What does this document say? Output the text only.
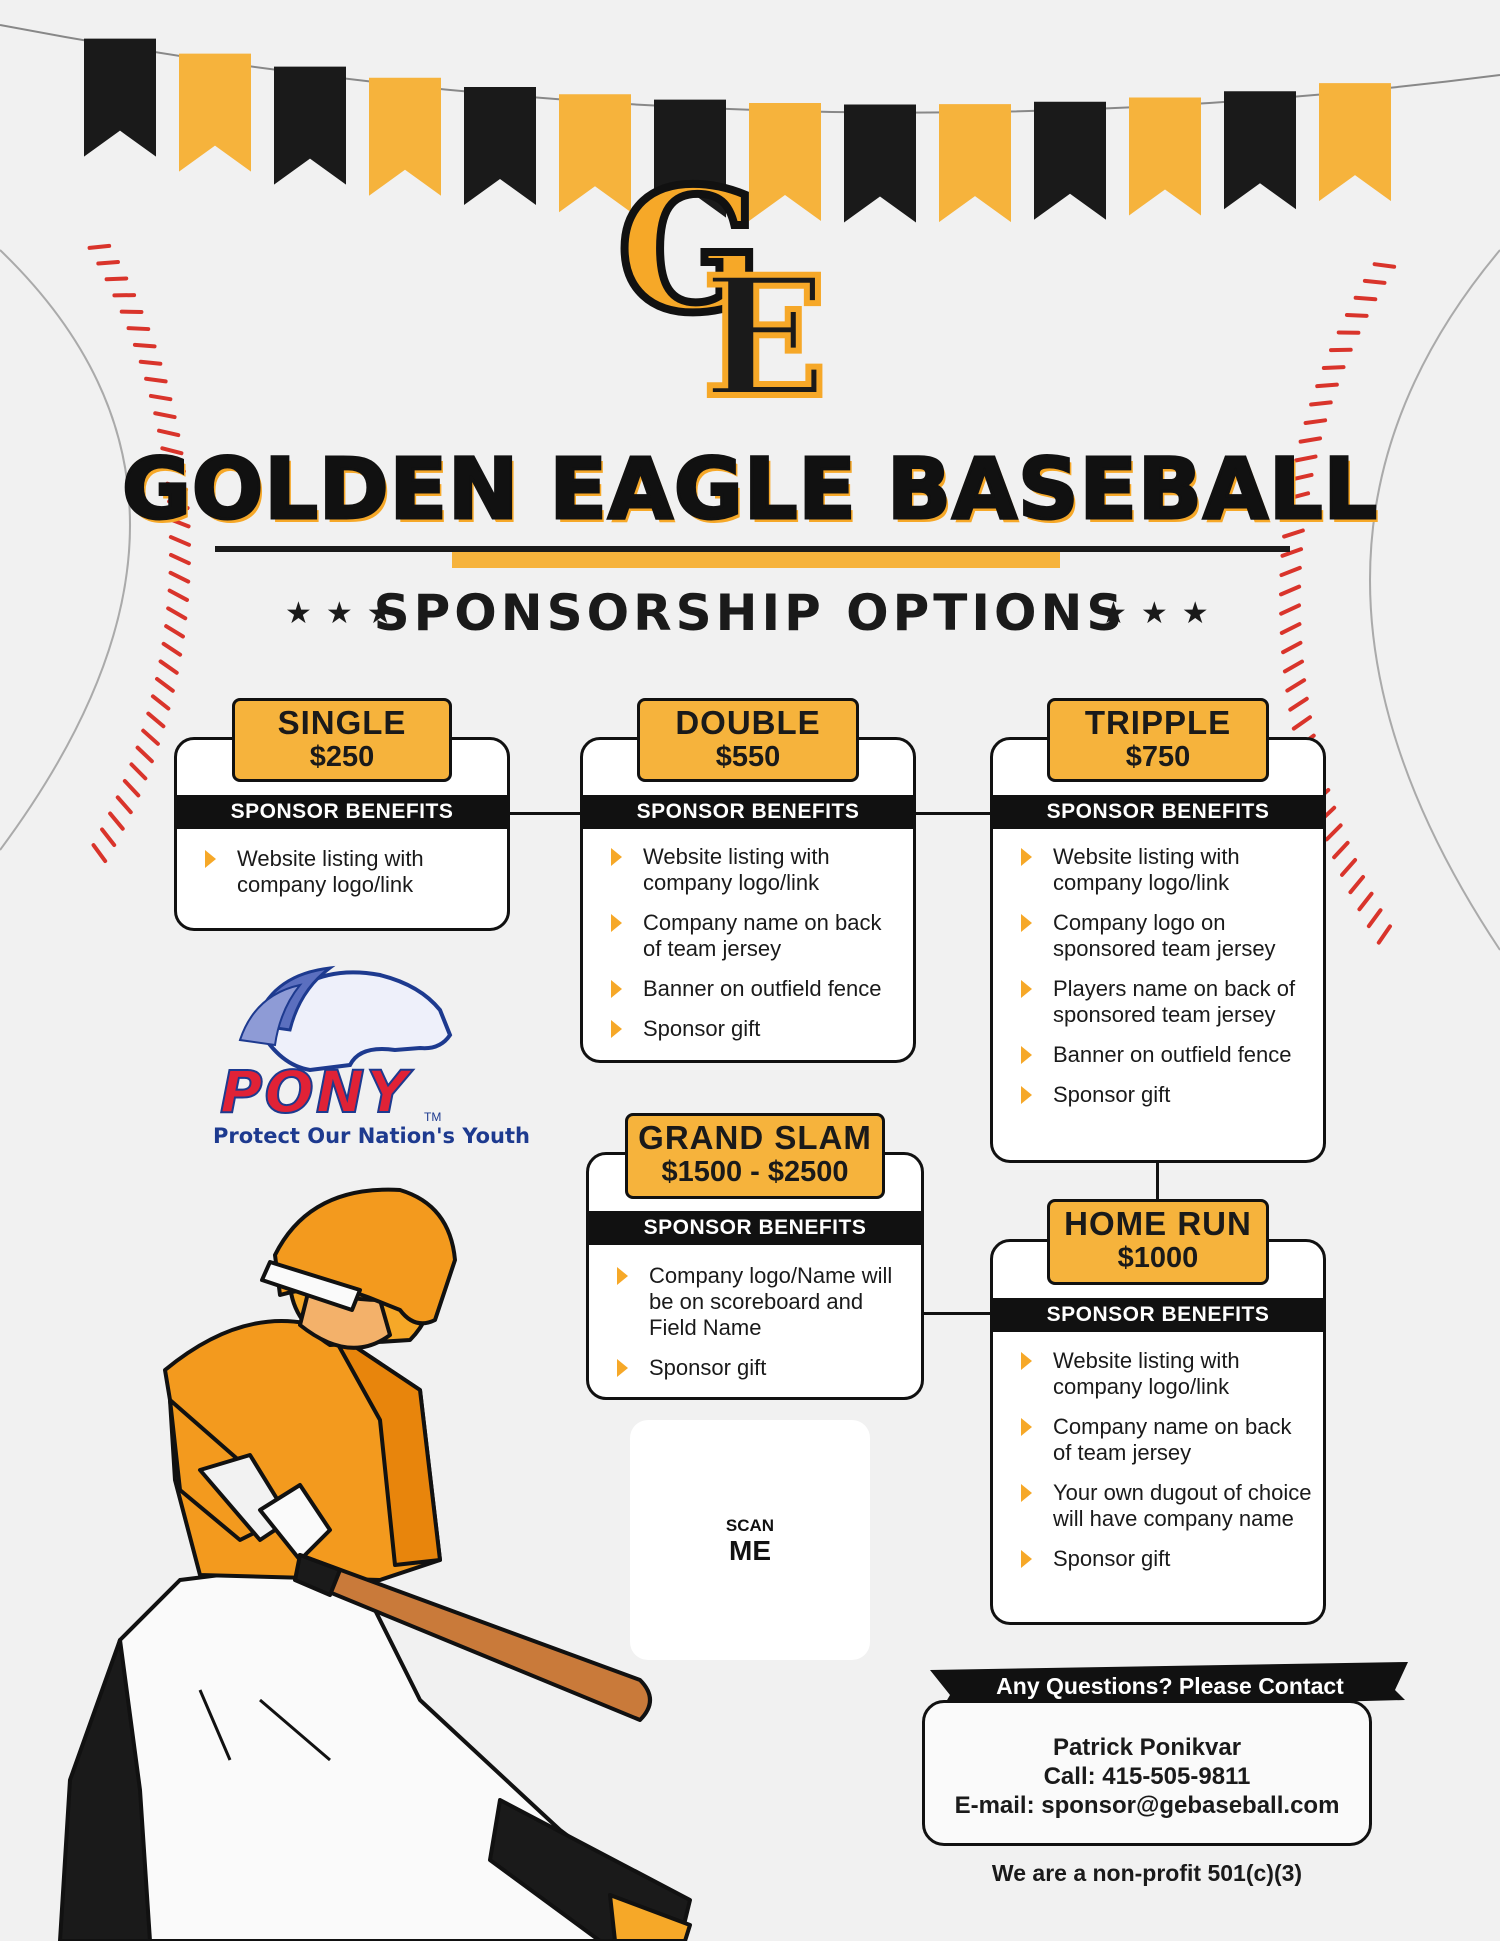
G
E
GOLDEN EAGLE BASEBALL
★★★
SPONSORSHIP OPTIONS
★★★
SPONSOR BENEFITS
Website listing with company logo/link
SINGLE
$250
SPONSOR BENEFITS
Website listing with company logo/link
Company name on back of team jersey
Banner on outfield fence
Sponsor gift
DOUBLE
$550
SPONSOR BENEFITS
Website listing with company logo/link
Company logo on sponsored team jersey
Players name on back of sponsored team jersey
Banner on outfield fence
Sponsor gift
TRIPPLE
$750
SPONSOR BENEFITS
Company logo/Name will be on scoreboard and Field Name
Sponsor gift
GRAND SLAM
$1500 - $2500
SPONSOR BENEFITS
Website listing with company logo/link
Company name on back of team jersey
Your own dugout of choice will have company name
Sponsor gift
HOME RUN
$1000
PONY TM
Protect Our Nation's Youth
SCAN
ME
Any Questions? Please Contact
Patrick Ponikvar
Call: 415-505-9811
E-mail: sponsor@gebaseball.com
We are a non-profit 501(c)(3)
